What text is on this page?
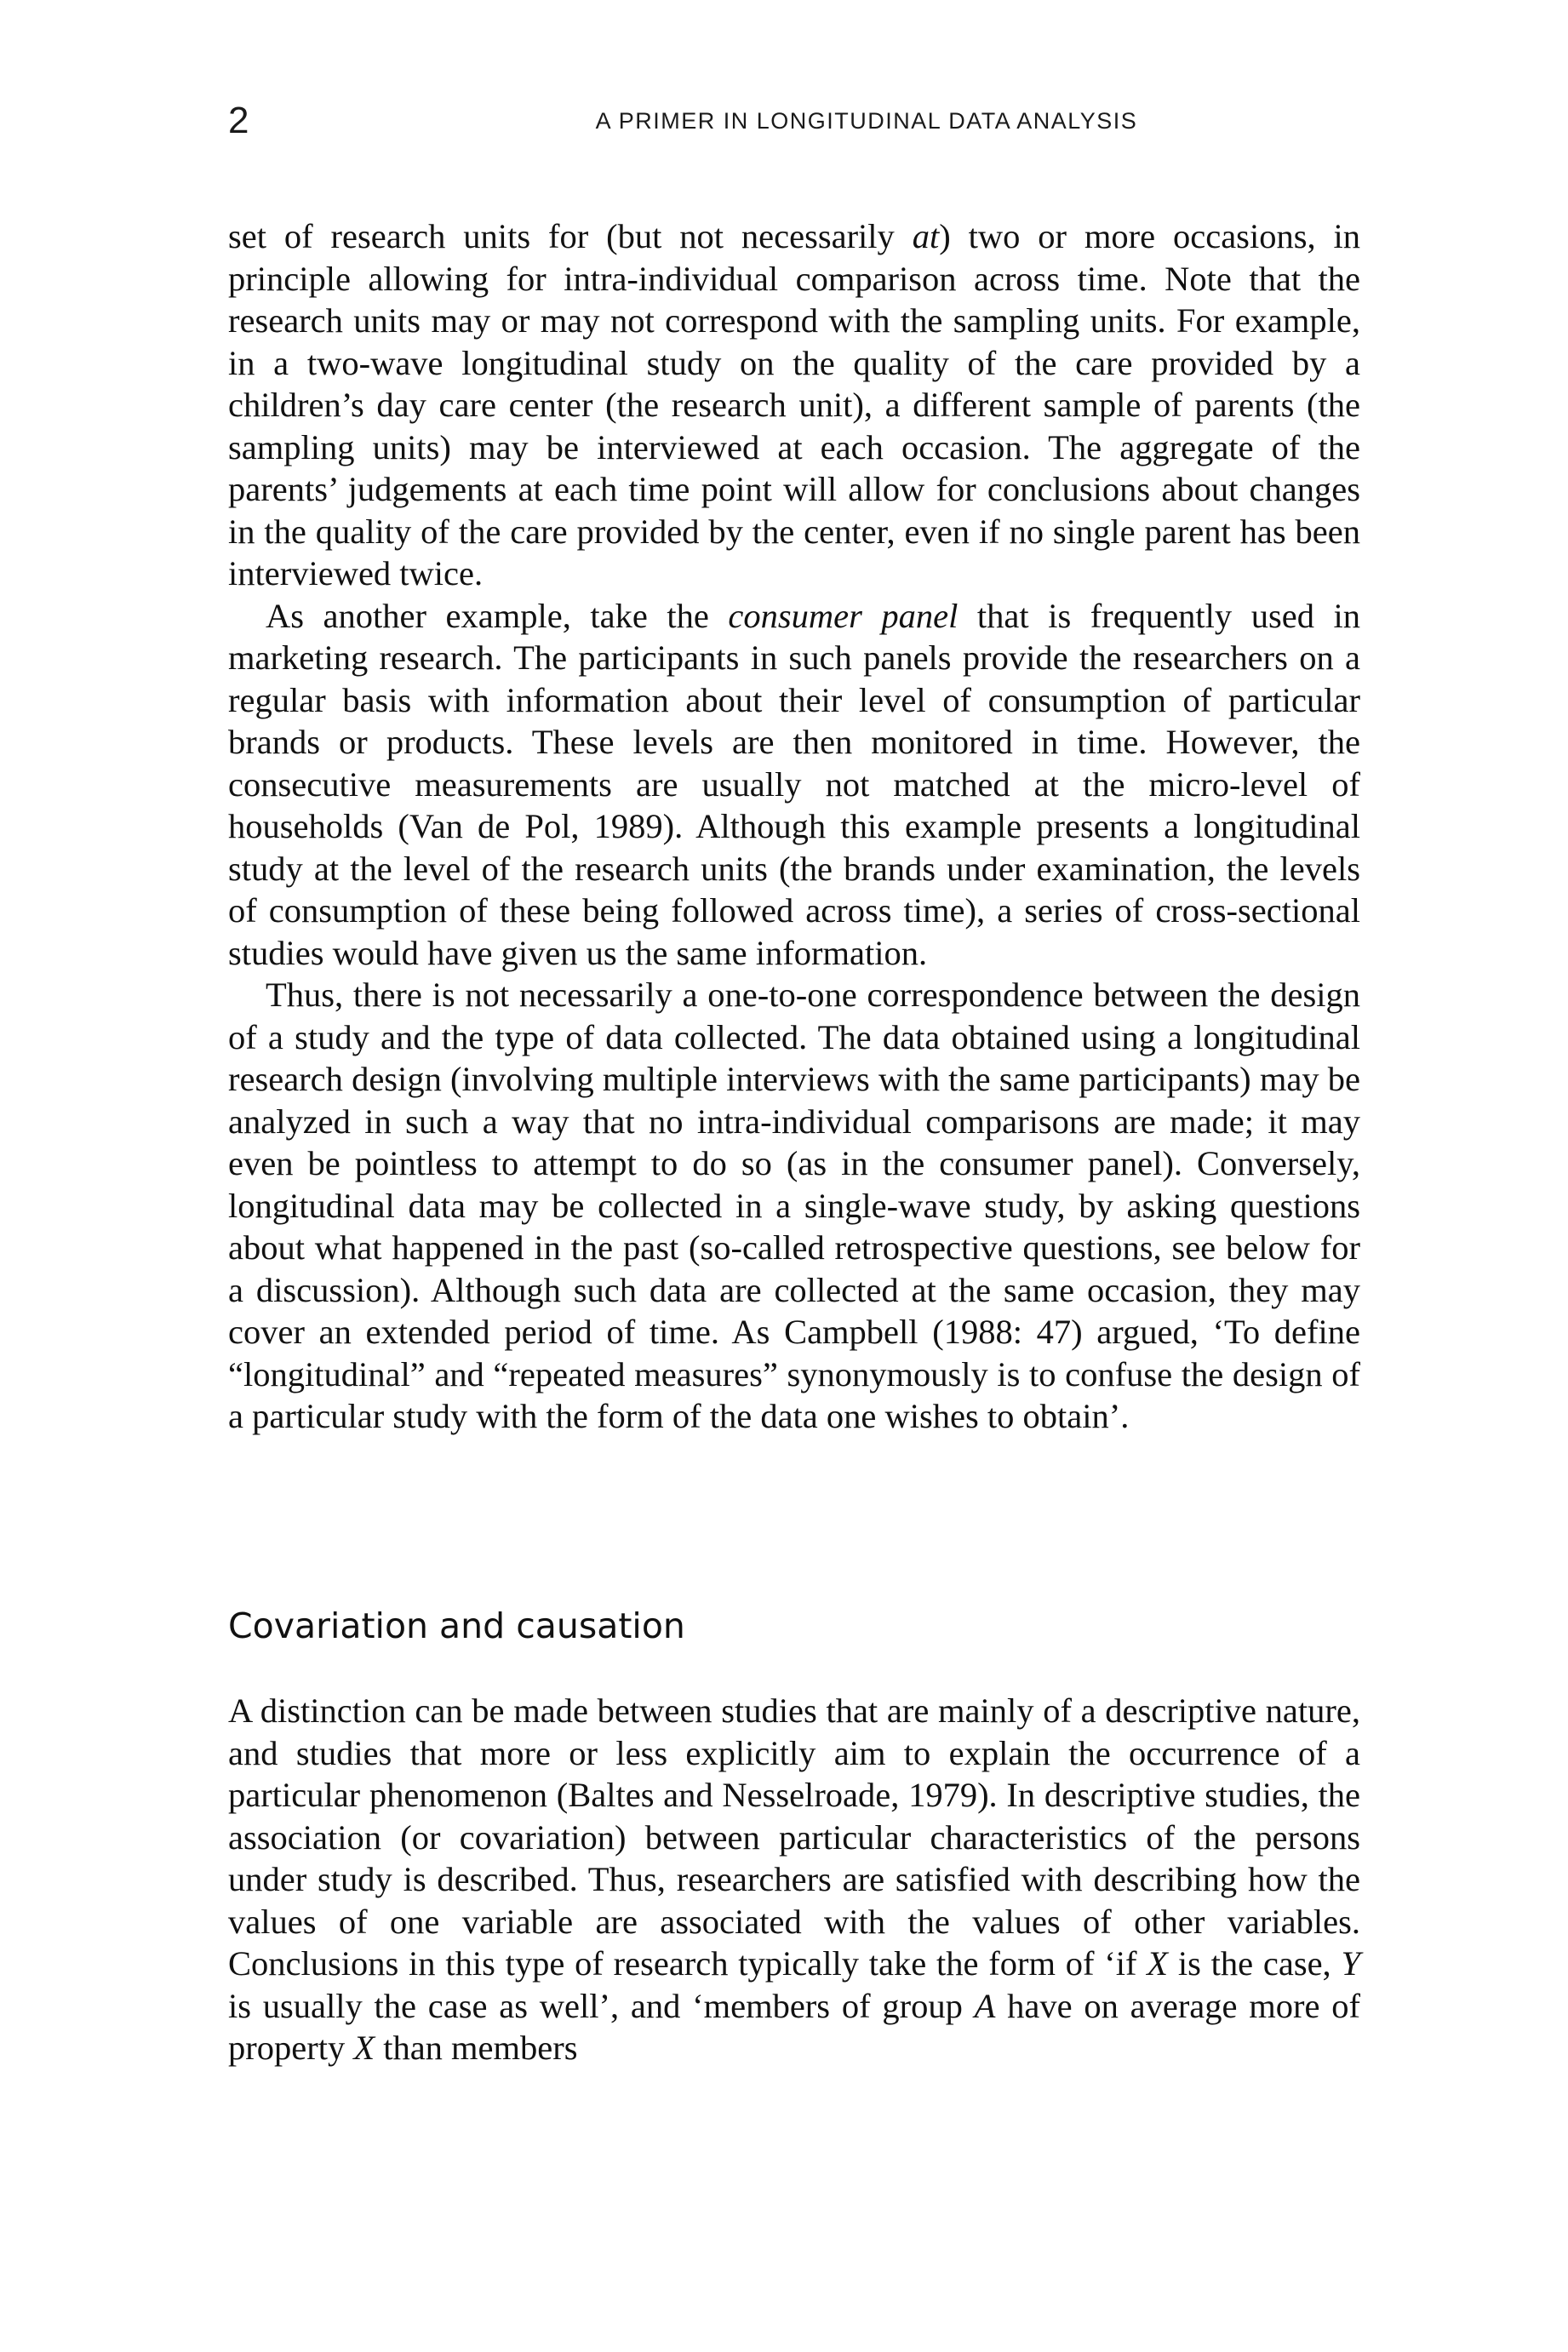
2	A PRIMER IN LONGITUDINAL DATA ANALYSIS

set of research units for (but not necessarily at) two or more occasions, in principle allowing for intra-individual comparison across time. Note that the research units may or may not correspond with the sampling units. For example, in a two-wave longitudinal study on the quality of the care provided by a children’s day care center (the research unit), a different sample of parents (the sampling units) may be interviewed at each occasion. The aggregate of the parents’ judgements at each time point will allow for conclusions about changes in the quality of the care provided by the center, even if no single parent has been interviewed twice.

As another example, take the consumer panel that is frequently used in marketing research. The participants in such panels provide the researchers on a regular basis with information about their level of consumption of particular brands or products. These levels are then monitored in time. However, the consecutive measurements are usually not matched at the micro-level of households (Van de Pol, 1989). Although this example presents a longitudinal study at the level of the research units (the brands under examination, the levels of consumption of these being followed across time), a series of cross-sectional studies would have given us the same information.

Thus, there is not necessarily a one-to-one correspondence between the design of a study and the type of data collected. The data obtained using a longitudinal research design (involving multiple interviews with the same participants) may be analyzed in such a way that no intra-individual comparisons are made; it may even be pointless to attempt to do so (as in the consumer panel). Conversely, longitudinal data may be collected in a single-wave study, by asking questions about what happened in the past (so-called retrospective questions, see below for a discussion). Although such data are collected at the same occasion, they may cover an extended period of time. As Campbell (1988: 47) argued, ‘To define “longitudinal” and “repeated measures” synonymously is to confuse the design of a particular study with the form of the data one wishes to obtain’.

Covariation and causation

A distinction can be made between studies that are mainly of a descriptive nature, and studies that more or less explicitly aim to explain the occurrence of a particular phenomenon (Baltes and Nesselroade, 1979). In descriptive studies, the association (or covariation) between particular characteristics of the persons under study is described. Thus, researchers are satisfied with describing how the values of one variable are associated with the values of other variables. Conclusions in this type of research typically take the form of ‘if X is the case, Y is usually the case as well’, and ‘members of group A have on average more of property X than members
